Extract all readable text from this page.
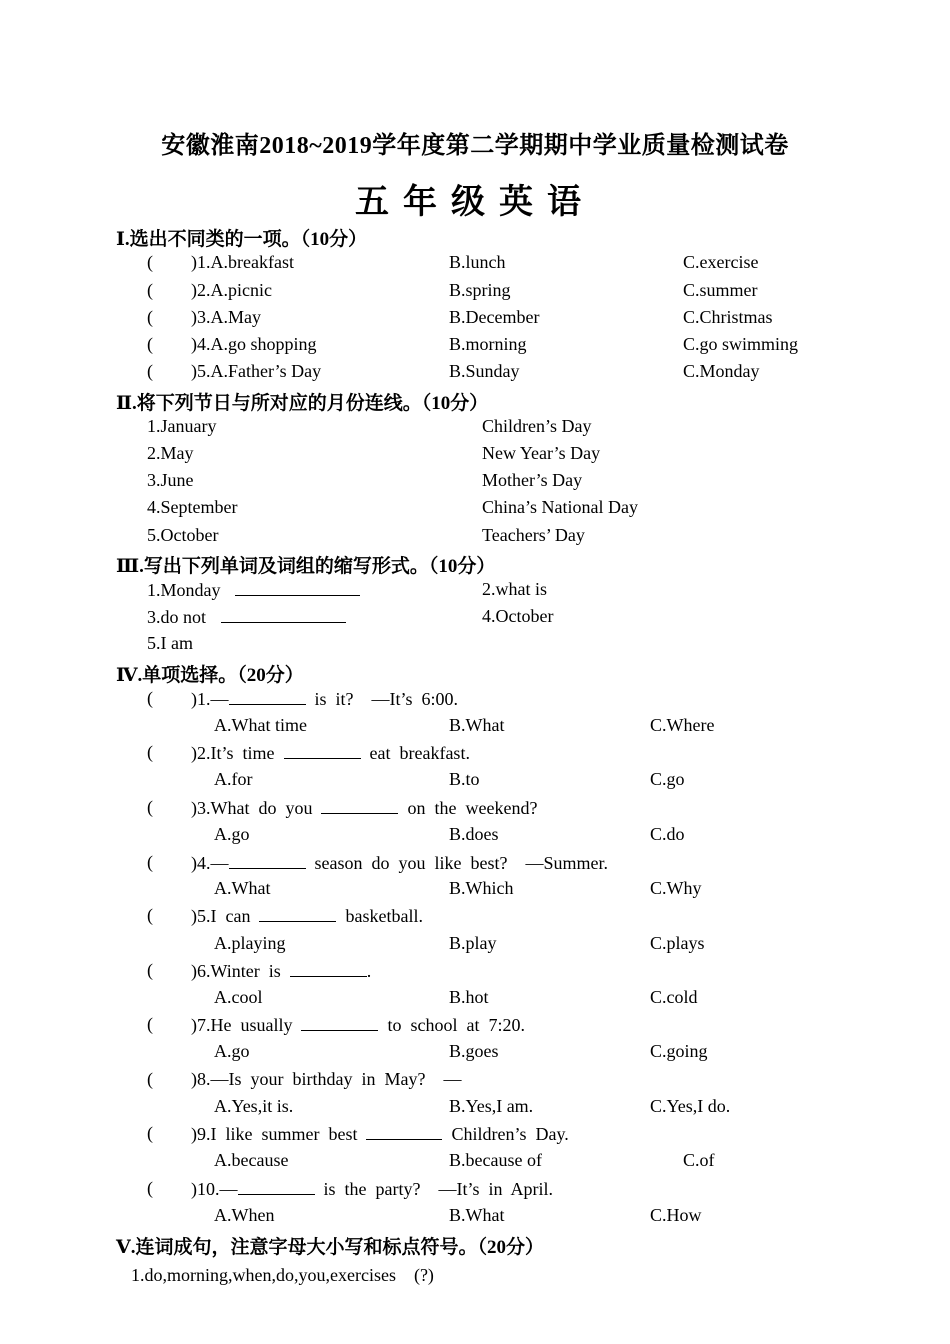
安徽淮南2018~2019学年度第二学期期中学业质量检测试卷
五年级英语
Ⅰ.选出不同类的一项。（10分）
( )1.A.breakfast	B.lunch	C.exercise
( )2.A.picnic	B.spring	C.summer
( )3.A.May	B.December	C.Christmas
( )4.A.go shopping	B.morning	C.go swimming
( )5.A.Father’s Day	B.Sunday	C.Monday
Ⅱ.将下列节日与所对应的月份连线。（10分）
1.January	Children’s Day
2.May	New Year’s Day
3.June	Mother’s Day
4.September	China’s National Day
5.October	Teachers’ Day
Ⅲ.写出下列单词及词组的缩写形式。（10分）
1.Monday	2.what is
3.do not	4.October
5.I am
Ⅳ.单项选择。（20分）
( )1.—	is  it?    —It’s  6:00.
A.What time	B.What	C.Where
( )2.It’s  time	eat  breakfast.
A.for	B.to	C.go
( )3.What  do  you	on  the  weekend?
A.go	B.does	C.do
( )4.—	season  do  you  like  best?    —Summer.
A.What	B.Which	C.Why
( )5.I  can	basketball.
A.playing	B.play	C.plays
( )6.Winter  is	.
A.cool	B.hot	C.cold
( )7.He  usually	to  school  at  7:20.
A.go	B.goes	C.going
( )8.—Is  your  birthday  in  May?    —
A.Yes,it is.	B.Yes,I am.	C.Yes,I do.
( )9.I  like  summer  best	Children’s  Day.
A.because	B.because of	C.of
( )10.—	is  the  party?    —It’s  in  April.
A.When	B.What	C.How
Ⅴ.连词成句，注意字母大小写和标点符号。（20分）
1.do,morning,when,do,you,exercises    (?)
